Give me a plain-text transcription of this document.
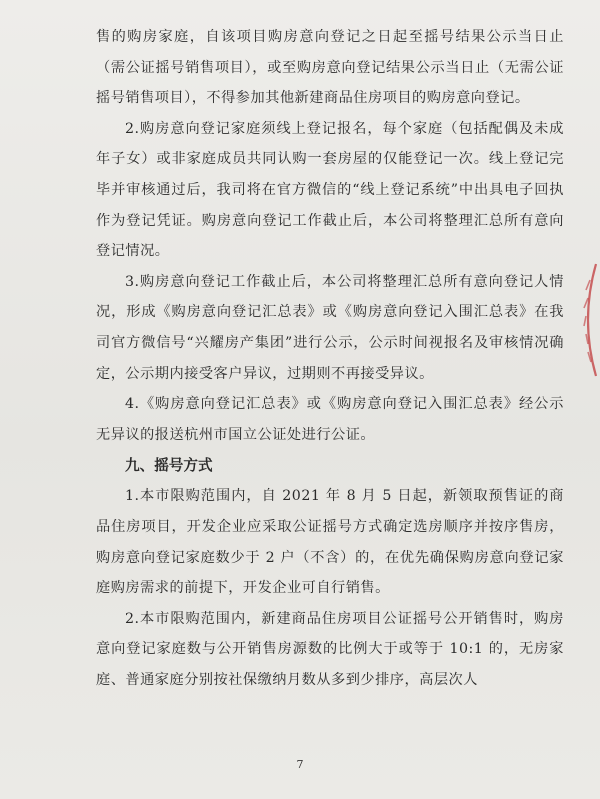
售的购房家庭，自该项目购房意向登记之日起至摇号结果公示当日止（需公证摇号销售项目），或至购房意向登记结果公示当日止（无需公证摇号销售项目），不得参加其他新建商品住房项目的购房意向登记。

2.购房意向登记家庭须线上登记报名，每个家庭（包括配偶及未成年子女）或非家庭成员共同认购一套房屋的仅能登记一次。线上登记完毕并审核通过后，我司将在官方微信的“线上登记系统”中出具电子回执作为登记凭证。购房意向登记工作截止后，本公司将整理汇总所有意向登记情况。

3.购房意向登记工作截止后，本公司将整理汇总所有意向登记人情况，形成《购房意向登记汇总表》或《购房意向登记入围汇总表》在我司官方微信号“兴耀房产集团”进行公示，公示时间视报名及审核情况确定，公示期内接受客户异议，过期则不再接受异议。

4.《购房意向登记汇总表》或《购房意向登记入围汇总表》经公示无异议的报送杭州市国立公证处进行公证。

九、摇号方式

1.本市限购范围内，自 2021 年 8 月 5 日起，新领取预售证的商品住房项目，开发企业应采取公证摇号方式确定选房顺序并按序售房，购房意向登记家庭数少于 2 户（不含）的，在优先确保购房意向登记家庭购房需求的前提下，开发企业可自行销售。

2.本市限购范围内，新建商品住房项目公证摇号公开销售时，购房意向登记家庭数与公开销售房源数的比例大于或等于 10:1 的，无房家庭、普通家庭分别按社保缴纳月数从多到少排序，高层次人

7
